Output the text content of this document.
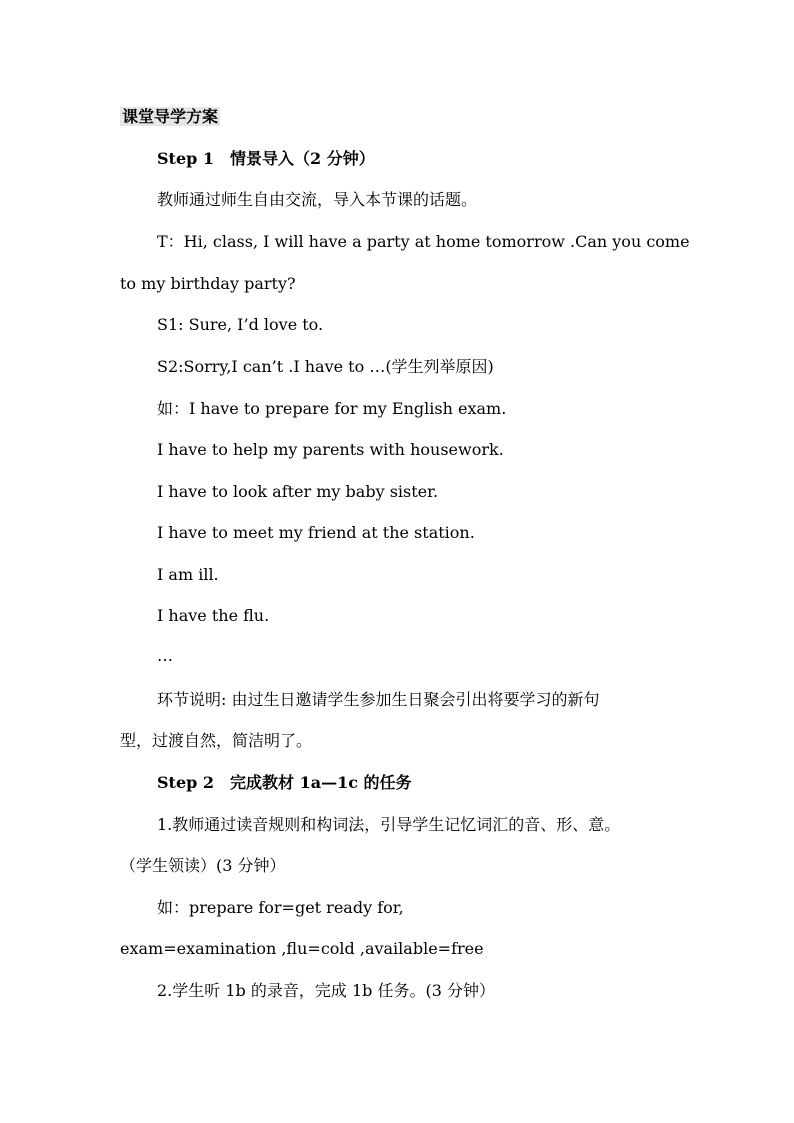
课堂导学方案
Step 1　情景导入（2 分钟）
教师通过师生自由交流，导入本节课的话题。
T：Hi, class, I will have a party at home tomorrow .Can you come
to my birthday party?
S1: Sure, I’d love to.
S2:Sorry,I can’t .I have to …(学生列举原因)
如：I have to prepare for my English exam.
I have to help my parents with housework.
I have to look after my baby sister.
I have to meet my friend at the station.
I am ill.
I have the flu.
…
环节说明: 由过生日邀请学生参加生日聚会引出将要学习的新句
型，过渡自然，简洁明了。
Step 2　完成教材 1a—1c 的任务
1.教师通过读音规则和构词法，引导学生记忆词汇的音、形、意。
（学生领读）(3 分钟）
如：prepare for=get ready for,
exam=examination ,flu=cold ,available=free
2.学生听 1b 的录音，完成 1b 任务。(3 分钟）
